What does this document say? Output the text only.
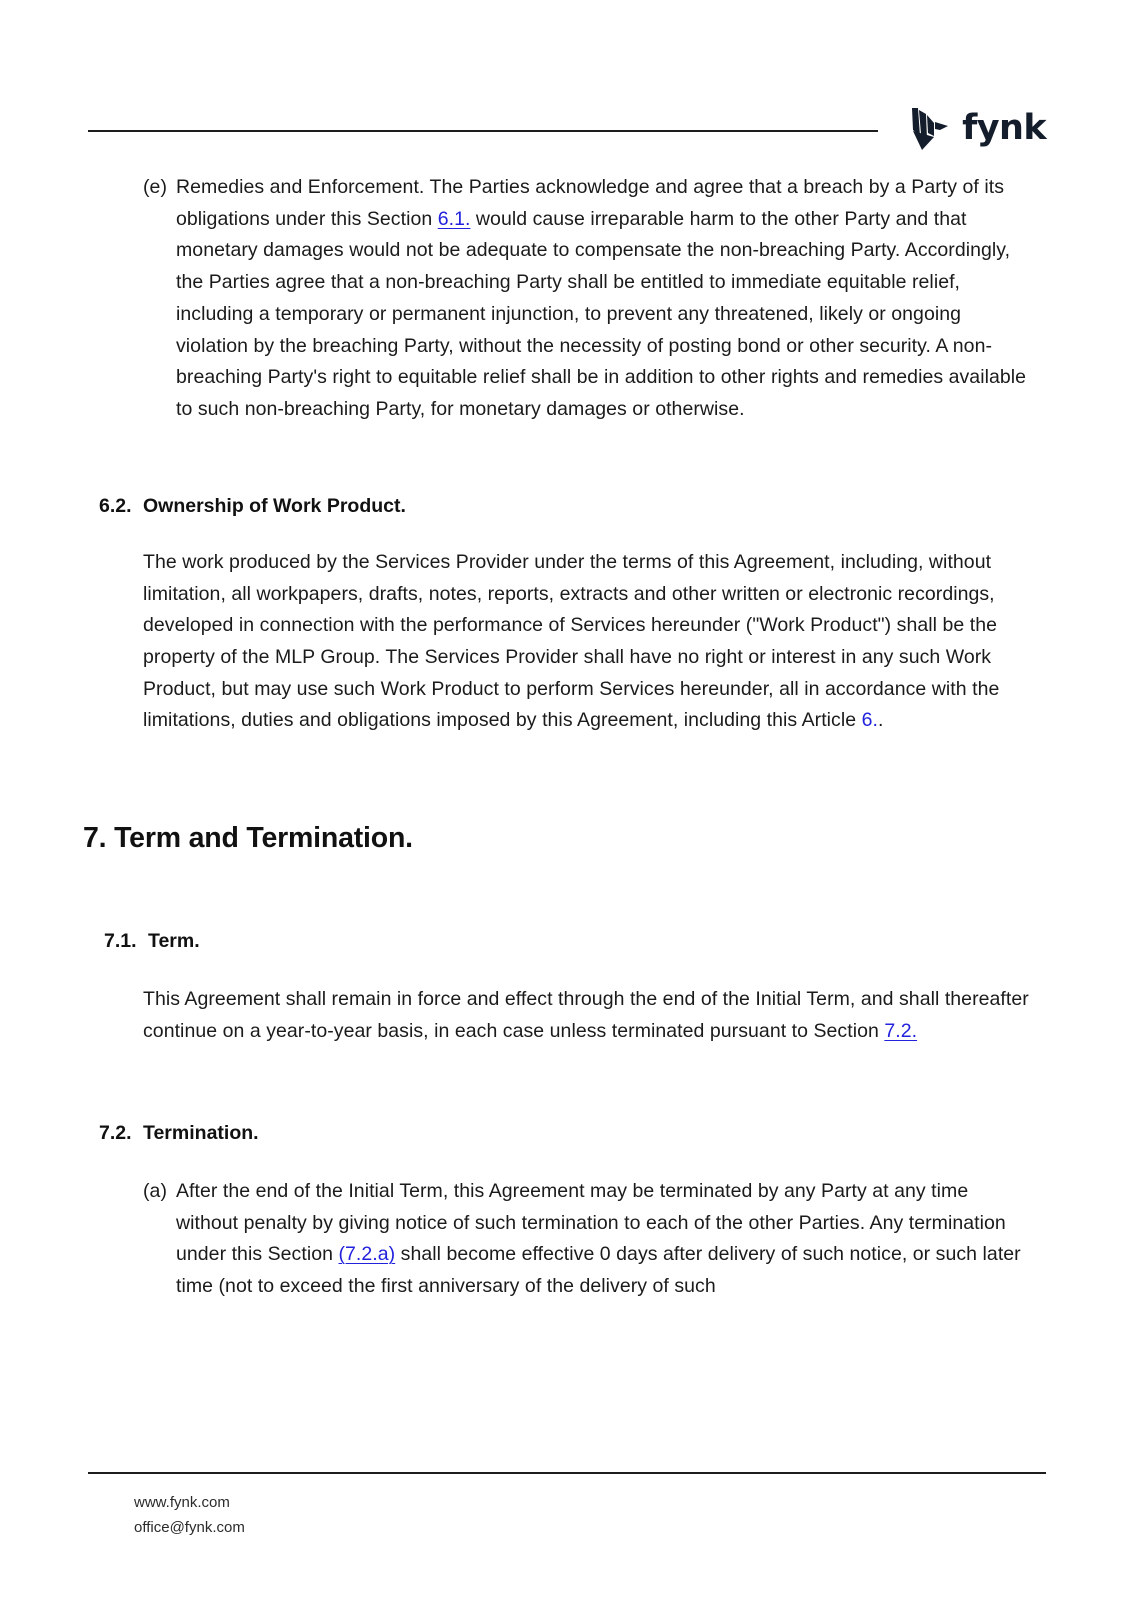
fynk
(e) Remedies and Enforcement. The Parties acknowledge and agree that a breach by a Party of its obligations under this Section 6.1. would cause irreparable harm to the other Party and that monetary damages would not be adequate to compensate the non-breaching Party. Accordingly, the Parties agree that a non-breaching Party shall be entitled to immediate equitable relief, including a temporary or permanent injunction, to prevent any threatened, likely or ongoing violation by the breaching Party, without the necessity of posting bond or other security. A non-breaching Party's right to equitable relief shall be in addition to other rights and remedies available to such non-breaching Party, for monetary damages or otherwise.
6.2. Ownership of Work Product.
The work produced by the Services Provider under the terms of this Agreement, including, without limitation, all workpapers, drafts, notes, reports, extracts and other written or electronic recordings, developed in connection with the performance of Services hereunder ("Work Product") shall be the property of the MLP Group. The Services Provider shall have no right or interest in any such Work Product, but may use such Work Product to perform Services hereunder, all in accordance with the limitations, duties and obligations imposed by this Agreement, including this Article 6..
7. Term and Termination.
7.1. Term.
This Agreement shall remain in force and effect through the end of the Initial Term, and shall thereafter continue on a year-to-year basis, in each case unless terminated pursuant to Section 7.2.
7.2. Termination.
(a) After the end of the Initial Term, this Agreement may be terminated by any Party at any time without penalty by giving notice of such termination to each of the other Parties. Any termination under this Section (7.2.a) shall become effective 0 days after delivery of such notice, or such later time (not to exceed the first anniversary of the delivery of such
www.fynk.com
office@fynk.com
